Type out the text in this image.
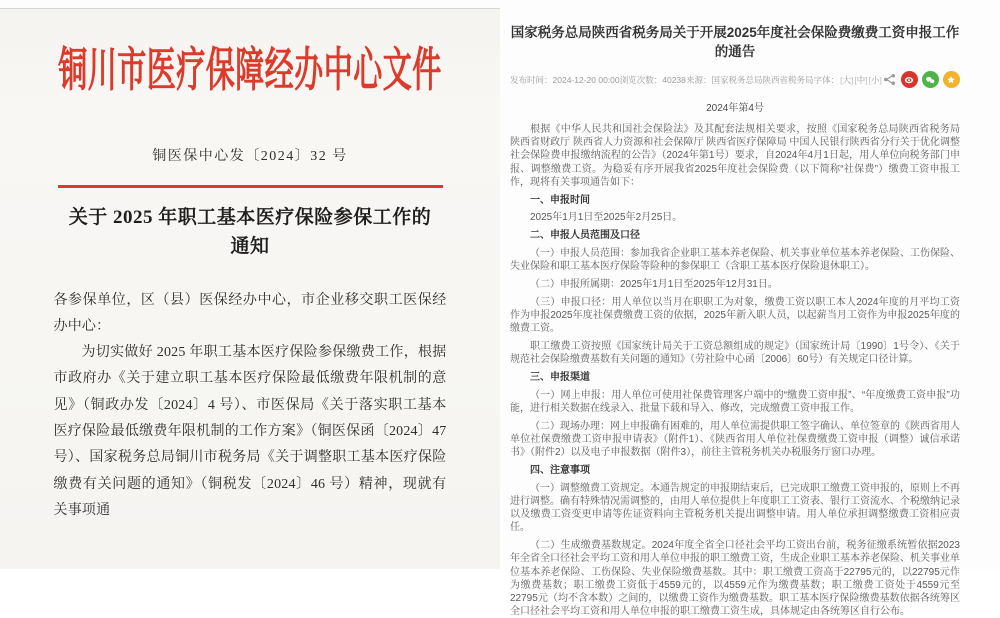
铜川市医疗保障经办中心文件
铜医保中心发〔2024〕32 号
关于 2025 年职工基本医疗保险参保工作的
通知

各参保单位，区（县）医保经办中心，市企业移交职工医保经办中心：

为切实做好 2025 年职工基本医疗保险参保缴费工作，根据市政府办《关于建立职工基本医疗保险最低缴费年限机制的意见》（铜政办发〔2024〕4 号）、市医保局《关于落实职工基本医疗保险最低缴费年限机制的工作方案》（铜医保函〔2024〕47 号）、国家税务总局铜川市税务局《关于调整职工基本医疗保险缴费有关问题的通知》（铜税发〔2024〕46 号）精神，现就有关事项通

国家税务总局陕西省税务局关于开展2025年度社会保险费缴费工资申报工作的通告
发布时间： 2024-12-20 00:00 浏览次数： 40238 来源： 国家税务总局陕西省税务局 字体： [ 大 ] [ 中 ] [ 小 ]
2024年第4号

根据《中华人民共和国社会保险法》及其配套法规相关要求，按照《国家税务总局陕西省税务局 陕西省财政厅 陕西省人力资源和社会保障厅 陕西省医疗保障局 中国人民银行陕西省分行关于优化调整社会保险费申报缴纳流程的公告》（2024年第1号）要求，自2024年4月1日起，用人单位向税务部门申报、调整缴费工资。为稳妥有序开展我省2025年度社会保险费（以下简称“社保费”）缴费工资申报工作，现将有关事项通告如下：

一、申报时间

2025年1月1日至2025年2月25日。

二、申报人员范围及口径

（一）申报人员范围：参加我省企业职工基本养老保险、机关事业单位基本养老保险、工伤保险、失业保险和职工基本医疗保险等险种的参保职工（含职工基本医疗保险退休职工）。

（二）申报所属期：2025年1月1日至2025年12月31日。

（三）申报口径：用人单位以当月在职职工为对象，缴费工资以职工本人2024年度的月平均工资作为申报2025年度社保费缴费工资的依据，2025年新入职人员，以起薪当月工资作为申报2025年度的缴费工资。

职工缴费工资按照《国家统计局关于工资总额组成的规定》（国家统计局〔1990〕1号令）、《关于规范社会保险缴费基数有关问题的通知》（劳社险中心函〔2006〕60号）有关规定口径计算。

三、申报渠道

（一）网上申报：用人单位可使用社保费管理客户端中的“缴费工资申报”、“年度缴费工资申报”功能，进行相关数据在线录入、批量下载和导入、修改，完成缴费工资申报工作。

（二）现场办理：网上申报确有困难的，用人单位需提供职工签字确认、单位签章的《陕西省用人单位社保费缴费工资申报申请表》（附件1）、《陕西省用人单位社保费缴费工资申报（调整）诚信承诺书》（附件2）以及电子申报数据（附件3），前往主管税务机关办税服务厅窗口办理。

四、注意事项

（一）调整缴费工资规定。本通告规定的申报期结束后，已完成职工缴费工资申报的，原则上不再进行调整。确有特殊情况需调整的，由用人单位提供上年度职工工资表、银行工资流水、个税缴纳记录以及缴费工资变更申请等佐证资料向主管税务机关提出调整申请。用人单位承担调整缴费工资相应责任。

（二）生成缴费基数规定。2024年度全省全口径社会平均工资出台前，税务征缴系统暂依据2023年全省全口径社会平均工资和用人单位申报的职工缴费工资，生成企业职工基本养老保险、机关事业单位基本养老保险、工伤保险、失业保险缴费基数。其中：职工缴费工资高于22795元的，以22795元作为缴费基数；职工缴费工资低于4559元的，以4559元作为缴费基数；职工缴费工资处于4559元至22795元（均不含本数）之间的，以缴费工资作为缴费基数。职工基本医疗保险缴费基数依据各统筹区全口径社会平均工资和用人单位申报的职工缴费工资生成，具体规定由各统筹区自行公布。
